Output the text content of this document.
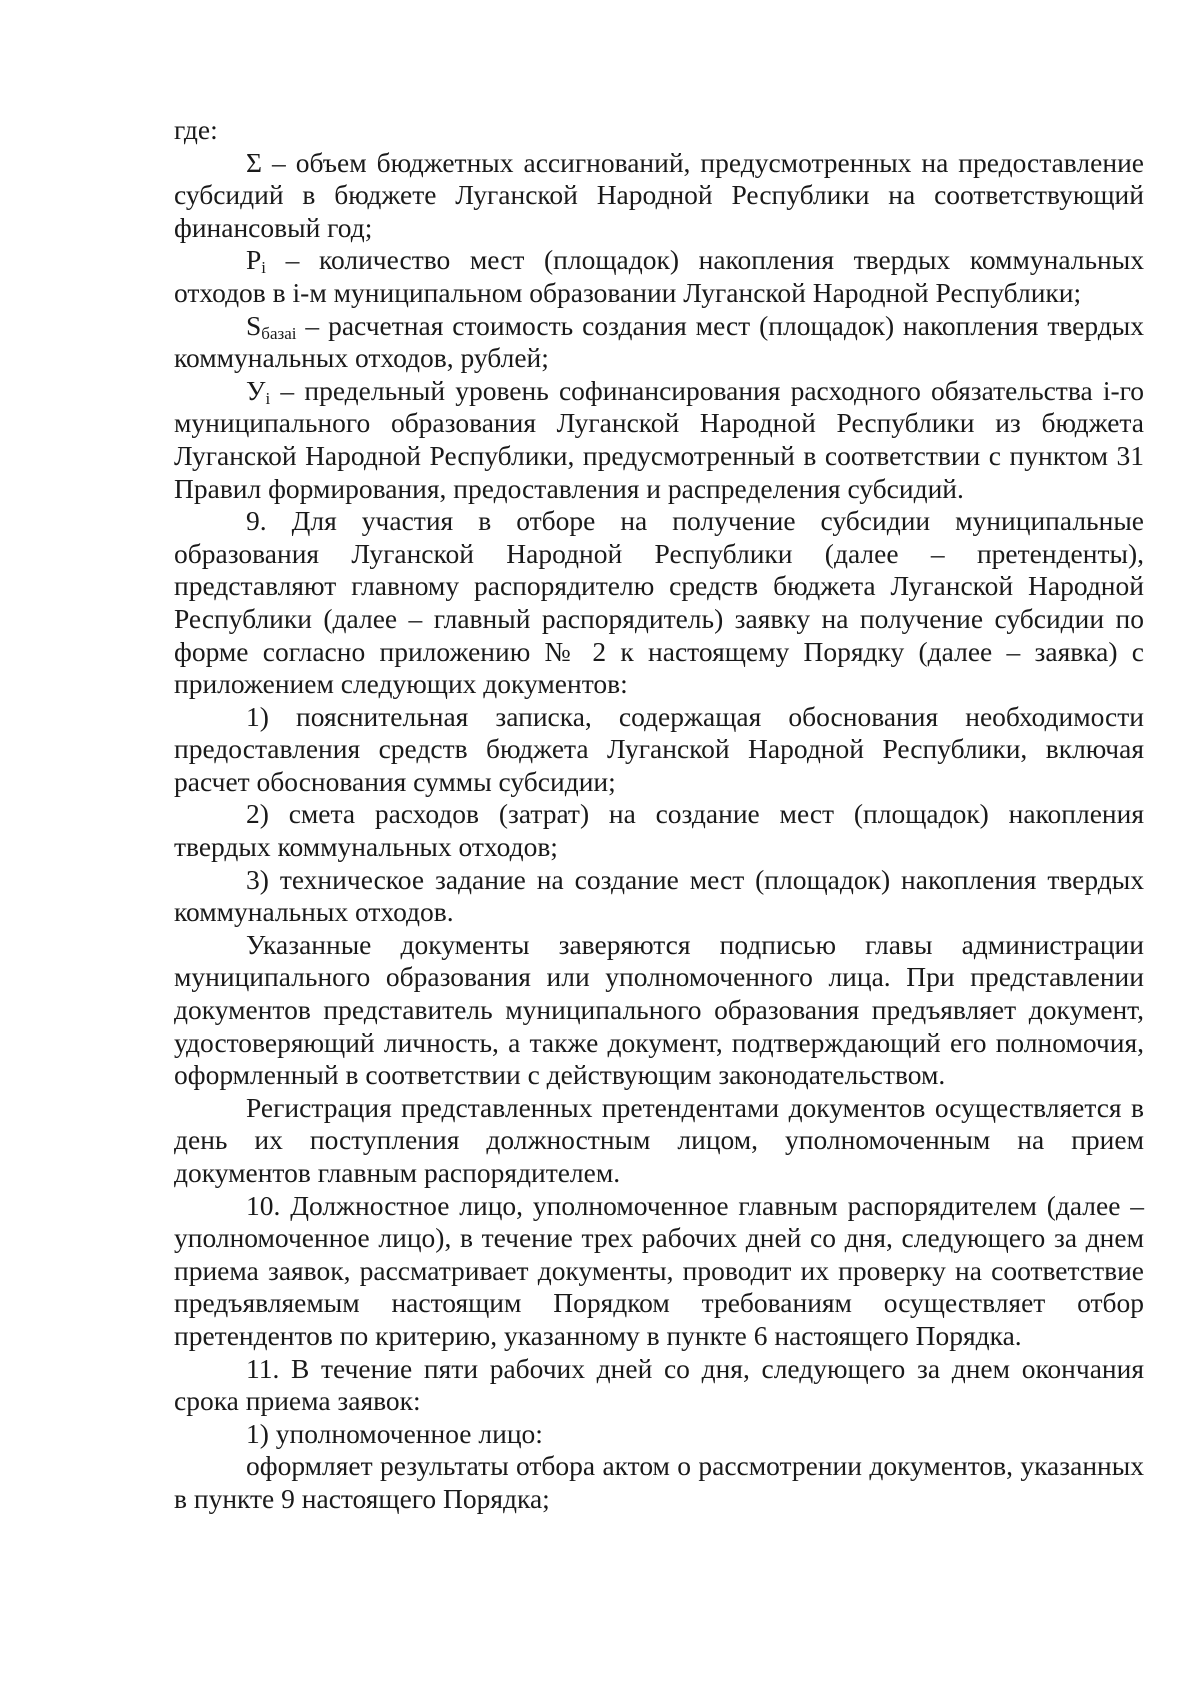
где:

Σ – объем бюджетных ассигнований, предусмотренных на предоставление субсидий в бюджете Луганской Народной Республики на соответствующий финансовый год;

$P_i$ – количество мест (площадок) накопления твердых коммунальных отходов в i-м муниципальном образовании Луганской Народной Республики;

$S_{базаi}$ – расчетная стоимость создания мест (площадок) накопления твердых коммунальных отходов, рублей;

$У_i$ – предельный уровень софинансирования расходного обязательства i-го муниципального образования Луганской Народной Республики из бюджета Луганской Народной Республики, предусмотренный в соответствии с пунктом 31 Правил формирования, предоставления и распределения субсидий.

9. Для участия в отборе на получение субсидии муниципальные образования Луганской Народной Республики (далее – претенденты), представляют главному распорядителю средств бюджета Луганской Народной Республики (далее – главный распорядитель) заявку на получение субсидии по форме согласно приложению № 2 к настоящему Порядку (далее – заявка) с приложением следующих документов:

1) пояснительная записка, содержащая обоснования необходимости предоставления средств бюджета Луганской Народной Республики, включая расчет обоснования суммы субсидии;

2) смета расходов (затрат) на создание мест (площадок) накопления твердых коммунальных отходов;

3) техническое задание на создание мест (площадок) накопления твердых коммунальных отходов.

Указанные документы заверяются подписью главы администрации муниципального образования или уполномоченного лица. При представлении документов представитель муниципального образования предъявляет документ, удостоверяющий личность, а также документ, подтверждающий его полномочия, оформленный в соответствии с действующим законодательством.

Регистрация представленных претендентами документов осуществляется в день их поступления должностным лицом, уполномоченным на прием документов главным распорядителем.

10. Должностное лицо, уполномоченное главным распорядителем (далее – уполномоченное лицо), в течение трех рабочих дней со дня, следующего за днем приема заявок, рассматривает документы, проводит их проверку на соответствие предъявляемым настоящим Порядком требованиям осуществляет отбор претендентов по критерию, указанному в пункте 6 настоящего Порядка.

11. В течение пяти рабочих дней со дня, следующего за днем окончания срока приема заявок:

1) уполномоченное лицо:

оформляет результаты отбора актом о рассмотрении документов, указанных в пункте 9 настоящего Порядка;
